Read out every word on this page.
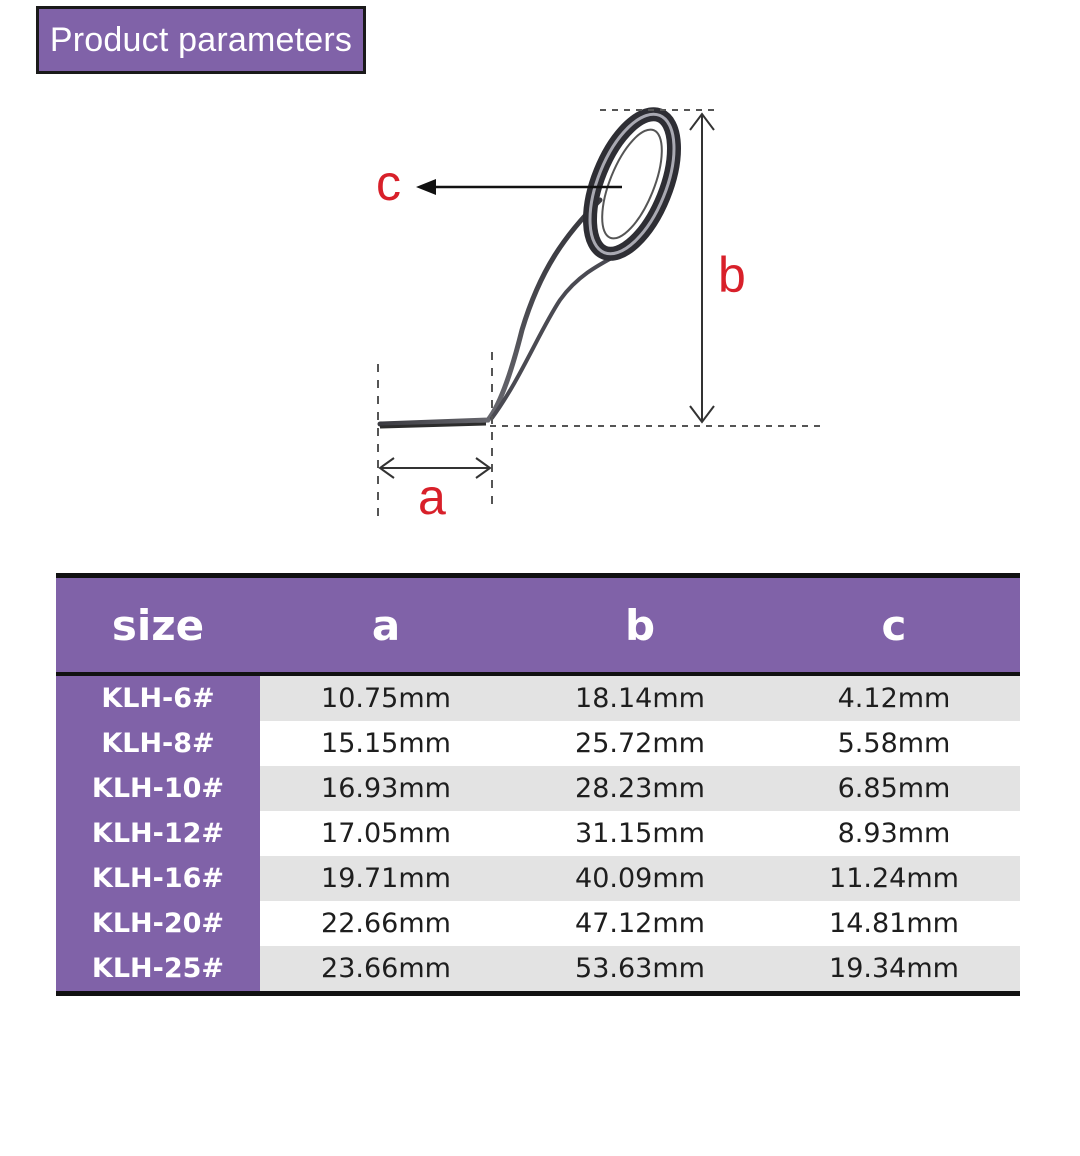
Product parameters
c
b
a
size	a	b	c
KLH-6#	10.75mm	18.14mm	4.12mm
KLH-8#	15.15mm	25.72mm	5.58mm
KLH-10#	16.93mm	28.23mm	6.85mm
KLH-12#	17.05mm	31.15mm	8.93mm
KLH-16#	19.71mm	40.09mm	11.24mm
KLH-20#	22.66mm	47.12mm	14.81mm
KLH-25#	23.66mm	53.63mm	19.34mm
